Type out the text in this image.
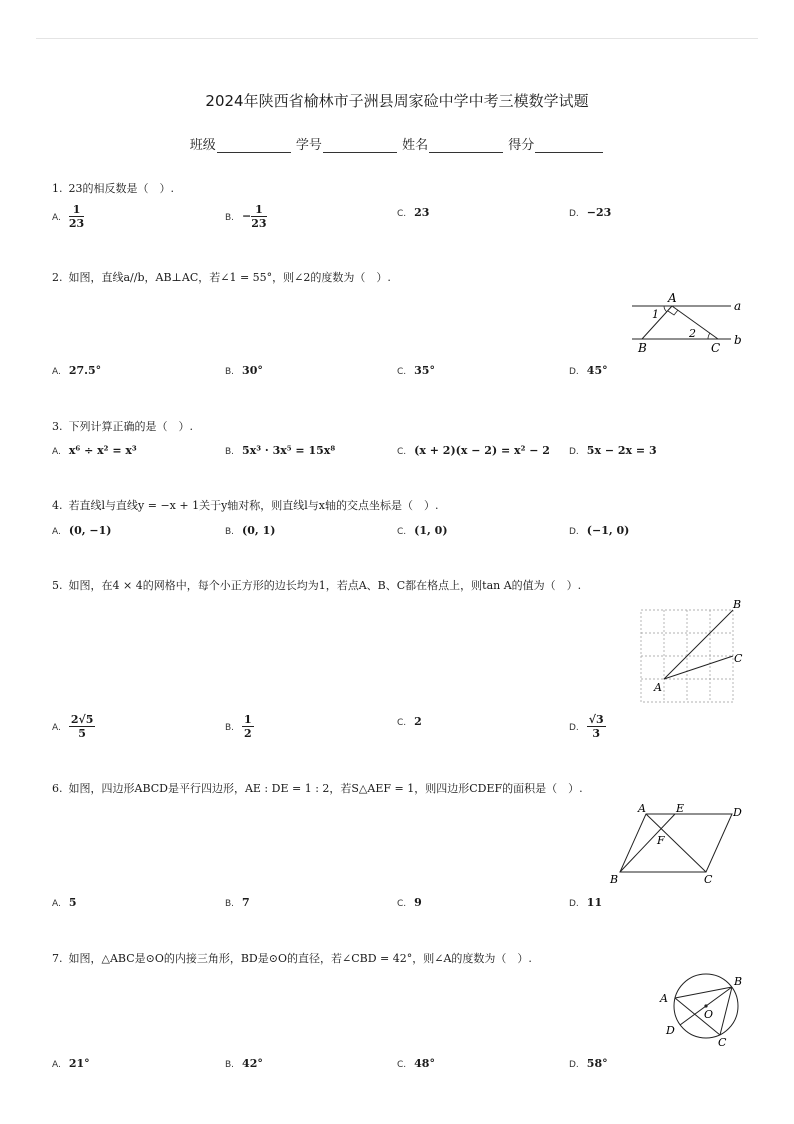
2024年陕西省榆林市子洲县周家硷中学中考三模数学试题
班级	学号	姓名	得分
1. 23的相反数是（　）.
A. $\frac{1}{23}$	B. − $\frac{1}{23}$	C. 23	D. −23
2. 如图，直线a//b，AB⊥AC，若∠1 = 55°，则∠2的度数为（　）.
A
B	C
a
b
1
2
A. 27.5°	B. 30°	C. 35°	D. 45°
3. 下列计算正确的是（　）.
A. x⁶ ÷ x² = x³	B. 5x³ · 3x⁵ = 15x⁸	C. (x + 2)(x − 2) = x² − 2 D. 5x − 2x = 3
4. 若直线l与直线y = −x + 1关于y轴对称，则直线l与x轴的交点坐标是（　）.
A. (0, −1)	B. (0, 1)	C. (1, 0)	D. (−1, 0)
5. 如图，在4 × 4的网格中，每个小正方形的边长均为1，若点A、B、C都在格点上，则tan A的值为（　）.
A
B
C
A. $\frac{2√5}{5}$	B. $\frac{1}{2}$	C. 2	D. $\frac{√3}{3}$
6. 如图，四边形ABCD是平行四边形，AE : DE = 1 : 2，若S△AEF = 1，则四边形CDEF的面积是（　）.
A	E	D
F
B	C
A. 5	B. 7	C. 9	D. 11
7. 如图，△ABC是⊙O的内接三角形，BD是⊙O的直径，若∠CBD = 42°，则∠A的度数为（　）.
A
B
C
D
O
A. 21°	B. 42°	C. 48°	D. 58°
